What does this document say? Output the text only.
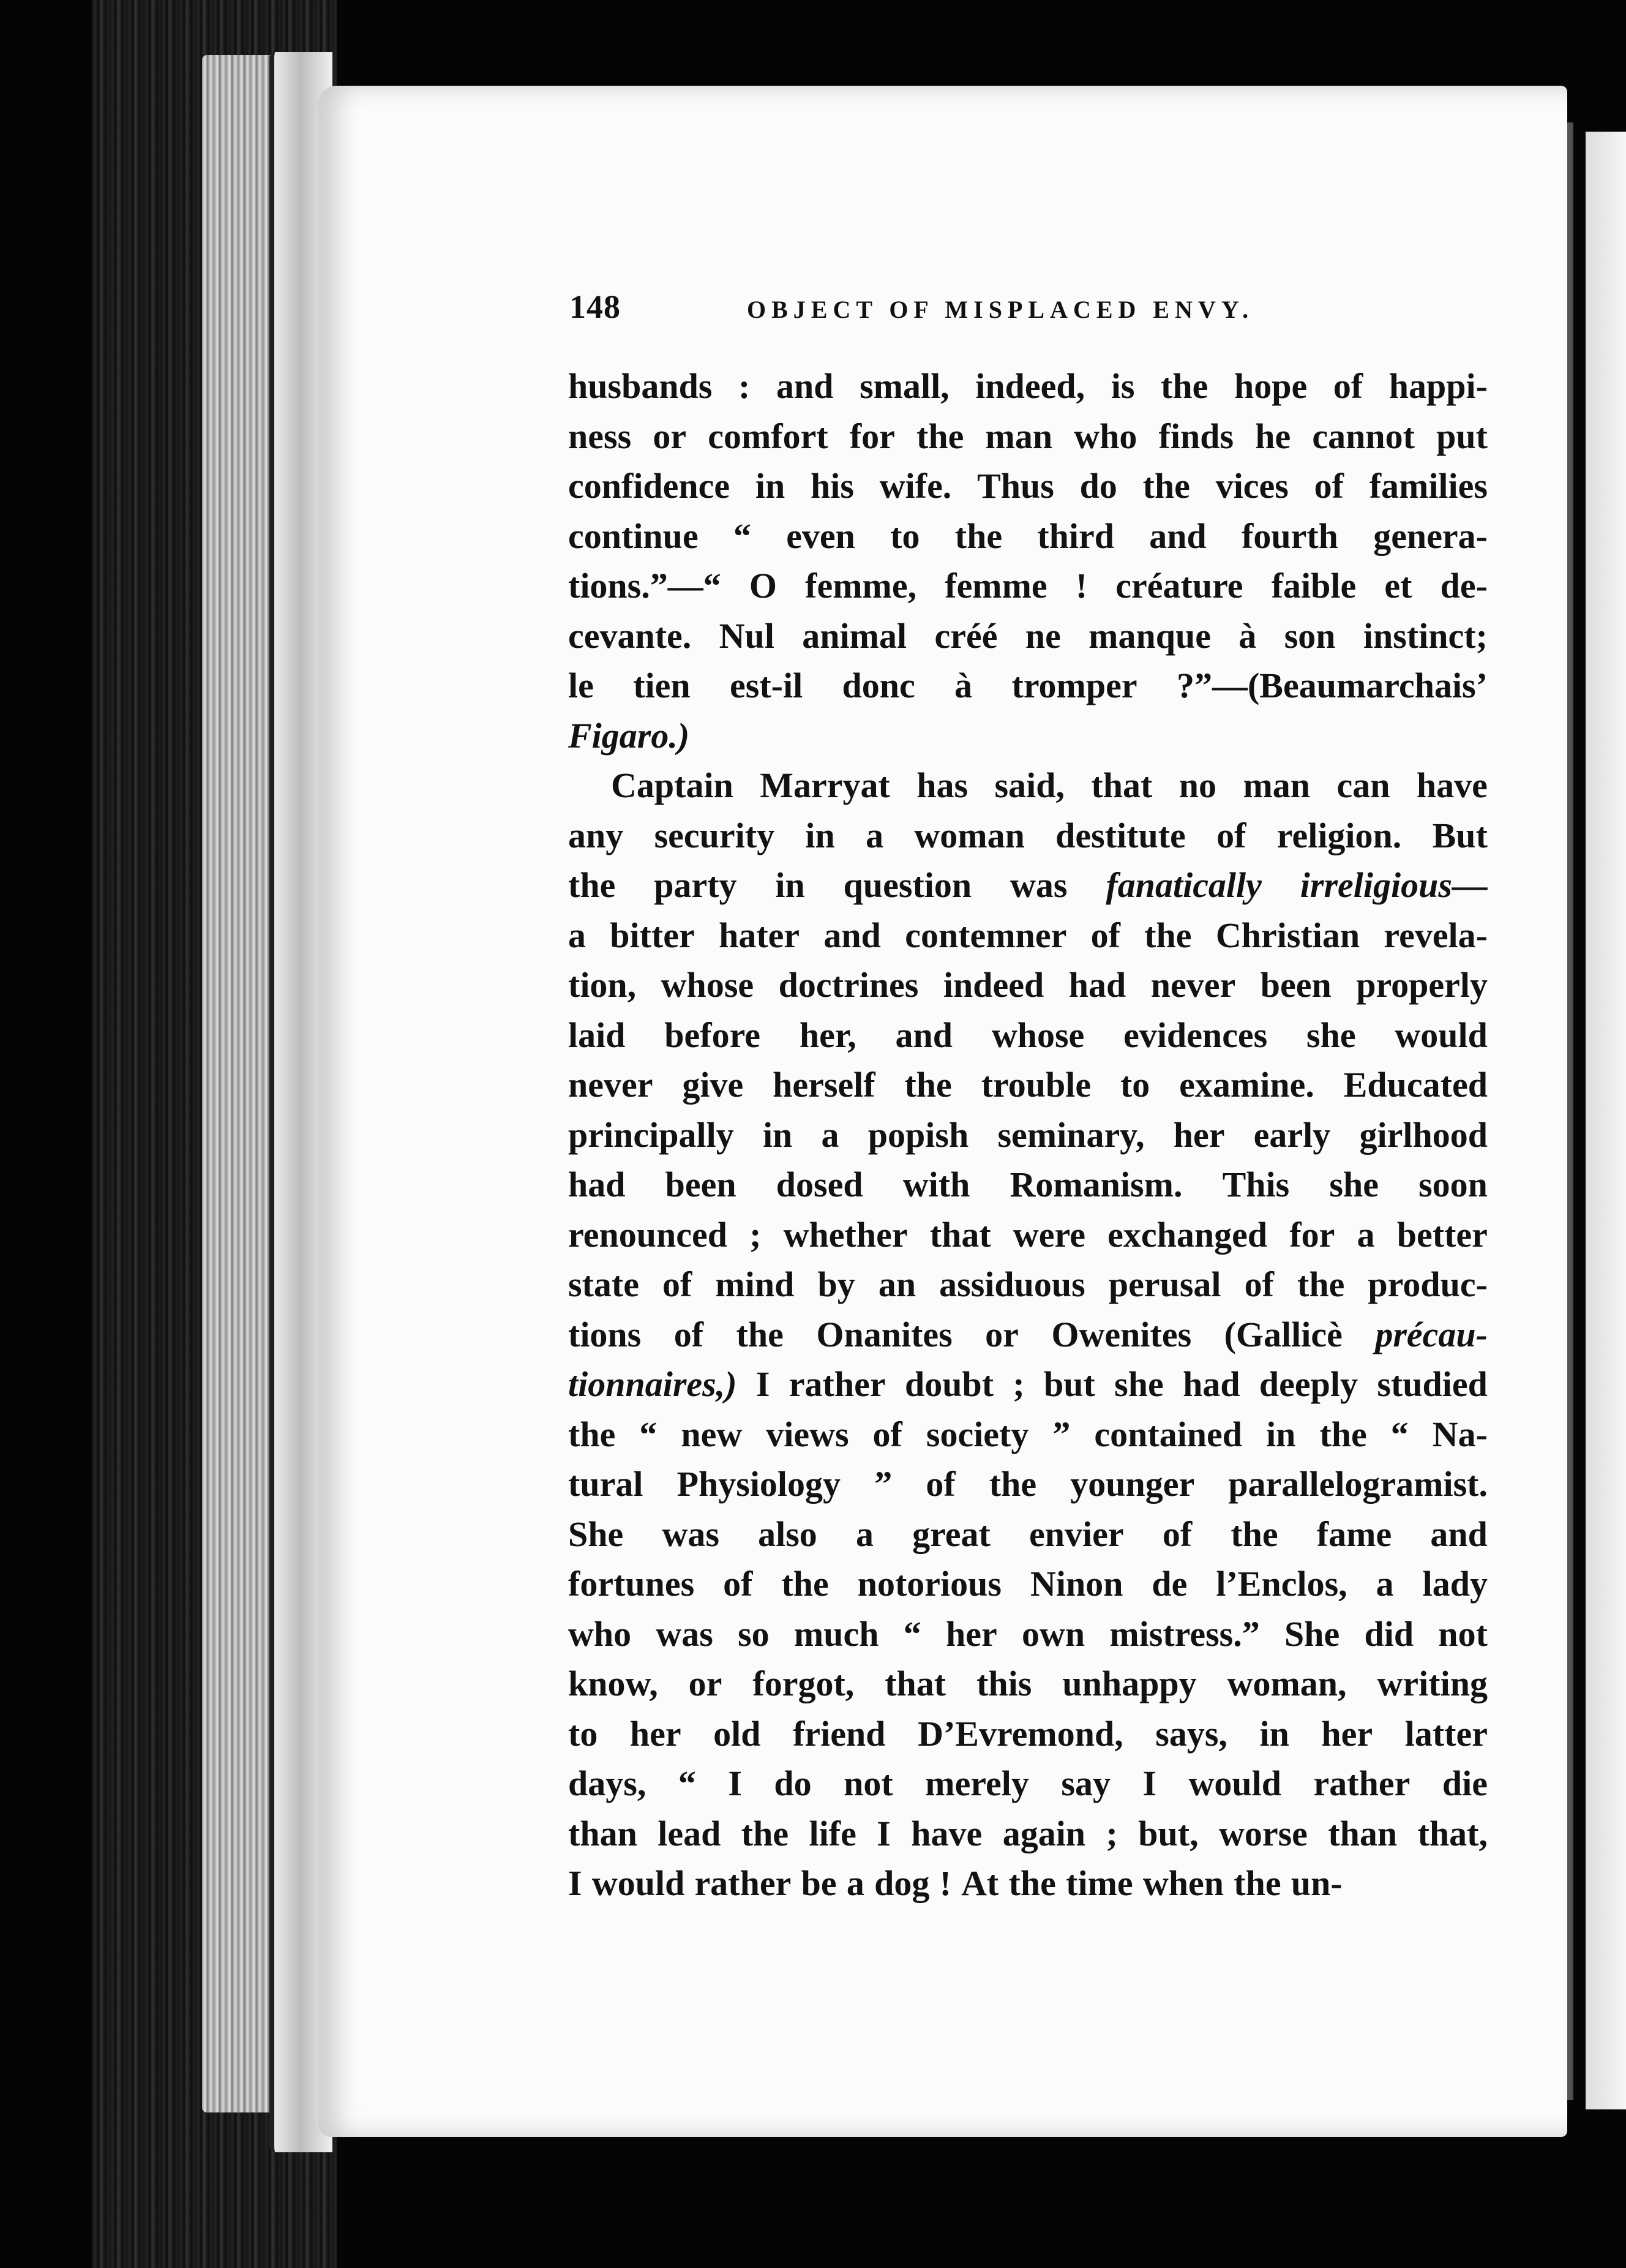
148	OBJECT OF MISPLACED ENVY.
husbands : and small, indeed, is the hope of happi-
ness or comfort for the man who finds he cannot put
confidence in his wife. Thus do the vices of families
continue “ even to the third and fourth genera-
tions.”—“ O femme, femme ! créature faible et de-
cevante. Nul animal créé ne manque à son instinct;
le tien est-il donc à tromper ?”—(Beaumarchais’
Figaro.)
Captain Marryat has said, that no man can have
any security in a woman destitute of religion. But
the party in question was fanatically irreligious—
a bitter hater and contemner of the Christian revela-
tion, whose doctrines indeed had never been properly
laid before her, and whose evidences she would
never give herself the trouble to examine. Educated
principally in a popish seminary, her early girlhood
had been dosed with Romanism. This she soon
renounced ; whether that were exchanged for a better
state of mind by an assiduous perusal of the produc-
tions of the Onanites or Owenites (Gallicè précau-
tionnaires,) I rather doubt ; but she had deeply studied
the “ new views of society ” contained in the “ Na-
tural Physiology ” of the younger parallelogramist.
She was also a great envier of the fame and
fortunes of the notorious Ninon de l’Enclos, a lady
who was so much “ her own mistress.” She did not
know, or forgot, that this unhappy woman, writing
to her old friend D’Evremond, says, in her latter
days, “ I do not merely say I would rather die
than lead the life I have again ; but, worse than that,
I would rather be a dog ! At the time when the un-
